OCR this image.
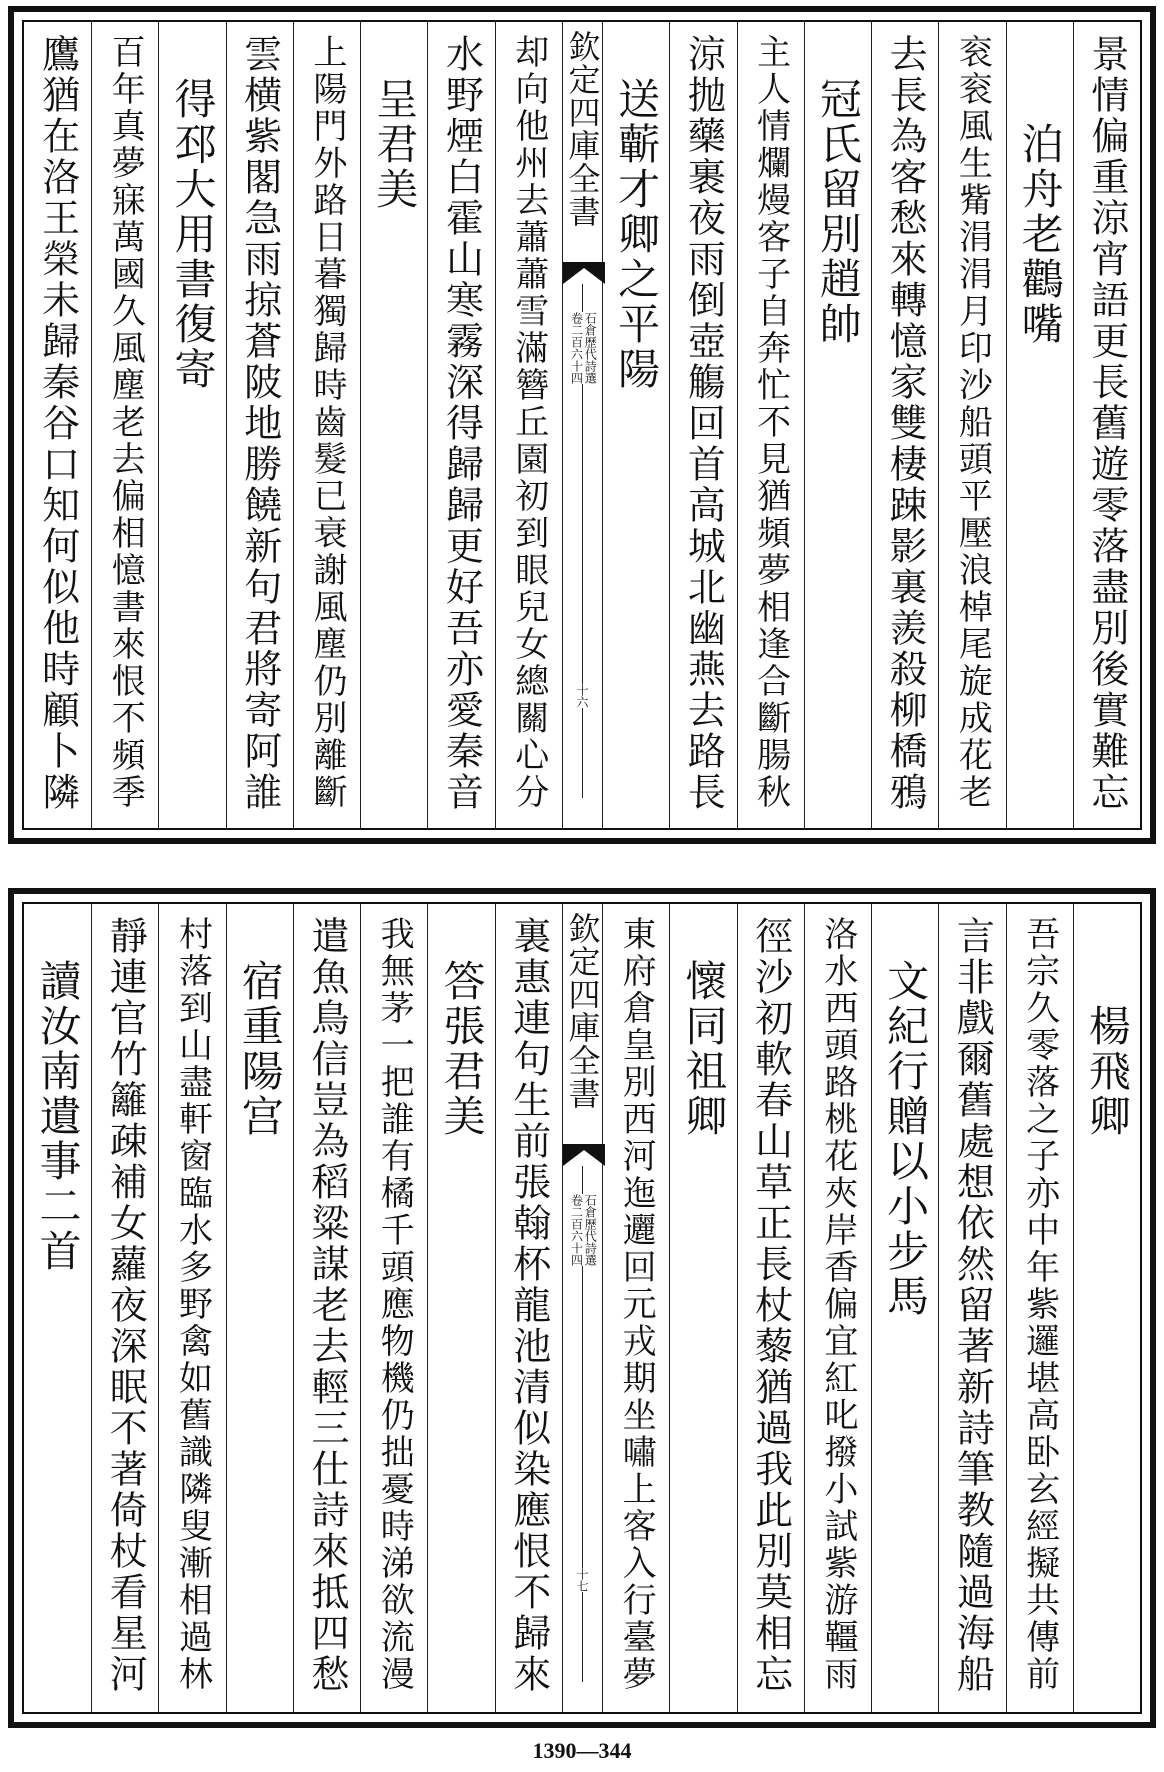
景情偏重涼宵語更長舊遊零落盡別後實難忘
泊舟老鸛嘴
衮衮風生觜涓涓月印沙船頭平壓浪棹尾旋成花老
去長為客愁來轉憶家雙棲踈影裏羨殺柳橋鴉
冠氏留別趙帥
主人情爛熳客子自奔忙不見猶頻夢相逢合斷腸秋
涼抛藥裹夜雨倒壺觴回首高城北幽燕去路長
送蘄才卿之平陽
欽定四庫全書
石倉歷代詩選
卷二百六十四
十六
却向他州去蕭蕭雪滿簪丘園初到眼兒女總關心分
水野煙白霍山寒霧深得歸歸更好吾亦愛秦音
呈君美
上陽門外路日暮獨歸時齒髮已衰謝風塵仍別離斷
雲横紫閣急雨掠蒼陂地勝饒新句君將寄阿誰
得邳大用書復寄
百年真夢寐萬國久風塵老去偏相憶書來恨不頻季
鷹猶在洛王榮未歸秦谷口知何似他時顧卜隣
楊飛卿
吾宗久零落之子亦中年紫邏堪高卧玄經擬共傳前
言非戲爾舊處想依然留著新詩筆教隨過海船
文紀行贈以小步馬
洛水西頭路桃花夾岸香偏宜紅叱撥小試紫游韁雨
徑沙初軟春山草正長杖藜猶過我此別莫相忘
懷同祖卿
東府倉皇別西河迤邐回元戎期坐嘯上客入行臺夢
欽定四庫全書
石倉歷代詩選
卷二百六十四
十七
裏惠連句生前張翰杯龍池清似染應恨不歸來
答張君美
我無茅一把誰有橘千頭應物機仍拙憂時涕欲流漫
遣魚鳥信豈為稻粱謀老去輕三仕詩來抵四愁
宿重陽宫
村落到山盡軒窗臨水多野禽如舊識隣叟漸相過林
靜連官竹籬疎補女蘿夜深眠不著倚杖看星河
讀汝南遺事二首
1390—344
